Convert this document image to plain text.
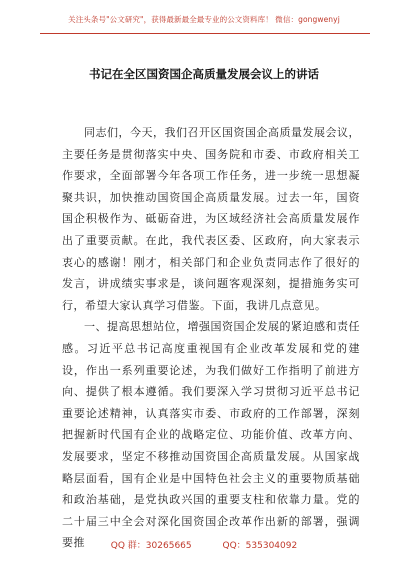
关注头条号"公文研究"，获得最新最全最专业的公文资料库！ 微信：gongwenyj
书记在全区国资国企高质量发展会议上的讲话

同志们，今天，我们召开区国资国企高质量发展会议，主要任务是贯彻落实中央、国务院和市委、市政府相关工作要求，全面部署今年各项工作任务，进一步统一思想凝聚共识，加快推动国资国企高质量发展。过去一年，国资国企积极作为、砥砺奋进，为区域经济社会高质量发展作出了重要贡献。在此，我代表区委、区政府，向大家表示衷心的感谢！刚才，相关部门和企业负责同志作了很好的发言，讲成绩实事求是，谈问题客观深刻，提措施务实可行，希望大家认真学习借鉴。下面，我讲几点意见。

一、提高思想站位，增强国资国企发展的紧迫感和责任感。习近平总书记高度重视国有企业改革发展和党的建设，作出一系列重要论述，为我们做好工作指明了前进方向、提供了根本遵循。我们要深入学习贯彻习近平总书记重要论述精神，认真落实市委、市政府的工作部署，深刻把握新时代国有企业的战略定位、功能价值、改革方向、发展要求，坚定不移推动国资国企高质量发展。从国家战略层面看，国有企业是中国特色社会主义的重要物质基础和政治基础，是党执政兴国的重要支柱和依靠力量。党的二十届三中全会对深化国资国企改革作出新的部署，强调要推	QQ 群：30265665	QQ：535304092
